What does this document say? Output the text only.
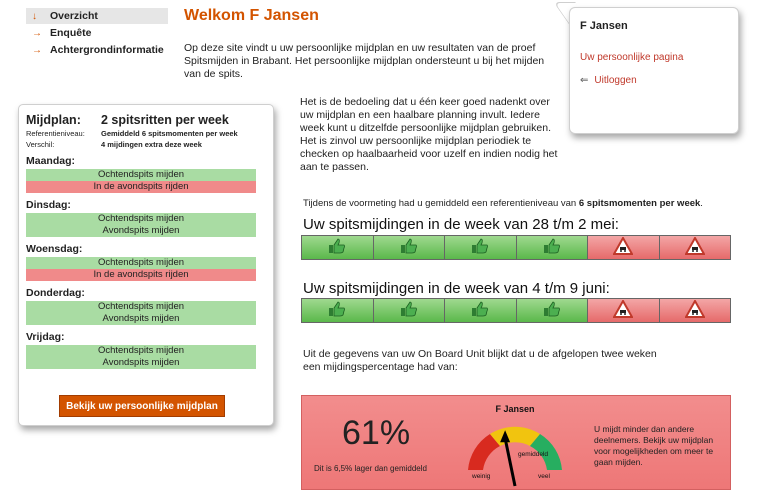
↓	Overzicht
→ Enquête
→ Achtergrondinformatie
Welkom F Jansen
Op deze site vindt u uw persoonlijke mijdplan en uw resultaten van de proef Spitsmijden in Brabant. Het persoonlijke mijdplan ondersteunt u bij het mijden van de spits.
Het is de bedoeling dat u één keer goed nadenkt over uw mijdplan en een haalbare planning invult. Iedere week kunt u ditzelfde persoonlijke mijdplan gebruiken. Het is zinvol uw persoonlijke mijdplan periodiek te checken op haalbaarheid voor uzelf en indien nodig het aan te passen.
F Jansen
Uw persoonlijke pagina
⇐ Uitloggen
Mijdplan:	2 spitsritten per week
Referentieniveau:	Gemiddeld 6 spitsmomenten per week
Verschil:	4 mijdingen extra deze week
Maandag:
Ochtendspits mijden
In de avondspits rijden
Dinsdag:
Ochtendspits mijden
Avondspits mijden
Woensdag:
Ochtendspits mijden
In de avondspits rijden
Donderdag:
Ochtendspits mijden
Avondspits mijden
Vrijdag:
Ochtendspits mijden
Avondspits mijden
Bekijk uw persoonlijke mijdplan
Tijdens de voormeting had u gemiddeld een referentieniveau van 6 spitsmomenten per week.
Uw spitsmijdingen in de week van 28 t/m 2 mei:
Uw spitsmijdingen in de week van 4 t/m 9 juni:
Uit de gegevens van uw On Board Unit blijkt dat u de afgelopen twee weken een mijdingspercentage had van:
61%
Dit is 6,5% lager dan gemiddeld
F Jansen
weinig
gemiddeld
veel
U mijdt minder dan andere deelnemers. Bekijk uw mijdplan voor mogelijkheden om meer te gaan mijden.
